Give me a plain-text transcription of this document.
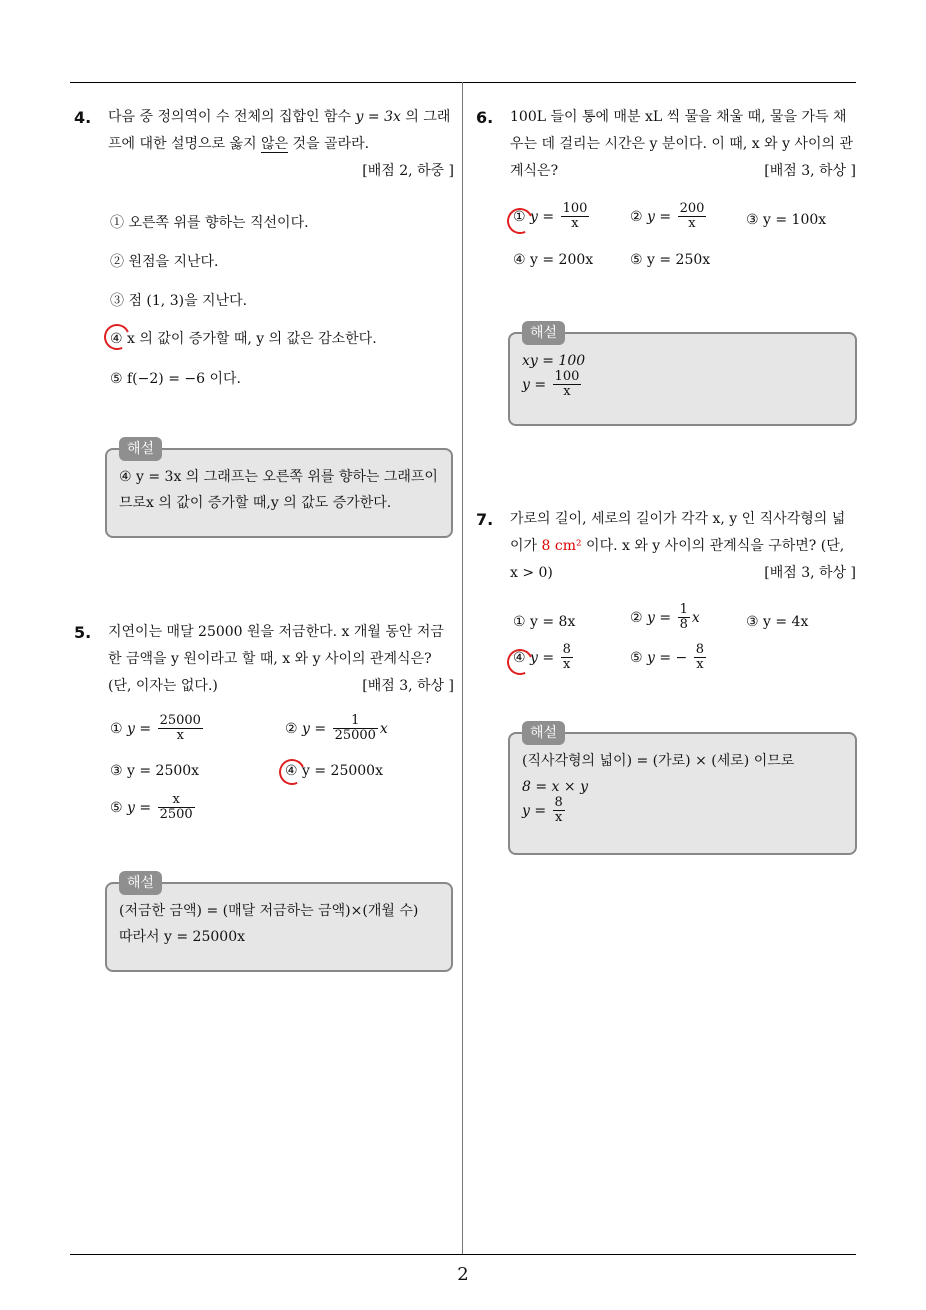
2
4. 다음 중 정의역이 수 전체의 집합인 함수 y = 3x 의 그래프에 대한 설명으로 옳지 않은 것을 골라라.
[배점 2, 하중 ]
① 오른쪽 위를 향하는 직선이다.
② 원점을 지난다.
③ 점 (1, 3)을 지난다.
④ x 의 값이 증가할 때, y 의 값은 감소한다.
⑤ f(−2) = −6 이다.
해설
④ y = 3x 의 그래프는 오른쪽 위를 향하는 그래프이므로x 의 값이 증가할 때,y 의 값도 증가한다.
5. 지연이는 매달 25000 원을 저금한다. x 개월 동안 저금한 금액을 y 원이라고 할 때, x 와 y 사이의 관계식은?(단, 이자는 없다.)	[배점 3, 하상 ]
① $y = \frac{25000}{x}$	② $y = \frac{1}{25000}$ x
③ y = 2500x	④ y = 25000x
⑤ $y = \frac{x}{2500}$
해설
(저금한 금액) = (매달 저금하는 금액)×(개월 수)
따라서 y = 25000x
6. 100L 들이 통에 매분 xL 씩 물을 채울 때, 물을 가득 채우는 데 걸리는 시간은 y 분이다. 이 때, x 와 y 사이의 관계식은?	[배점 3, 하상 ]
① $y = \frac{100}{x}$	② $y = \frac{200}{x}$	③ y = 100x
④ y = 200x	⑤ y = 250x
해설
xy = 100
$y = \frac{100}{x}$
7. 가로의 길이, 세로의 길이가 각각 x, y 인 직사각형의 넓이가 8 cm² 이다. x 와 y 사이의 관계식을 구하면? (단, x > 0)	[배점 3, 하상 ]
① y = 8x	② $y = \frac{1}{8}$ x	③ y = 4x
④ $y = \frac{8}{x}$	⑤ y = − $\frac{8}{x}$
해설
(직사각형의 넓이) = (가로) × (세로) 이므로
8 = x × y
$y = \frac{8}{x}$
